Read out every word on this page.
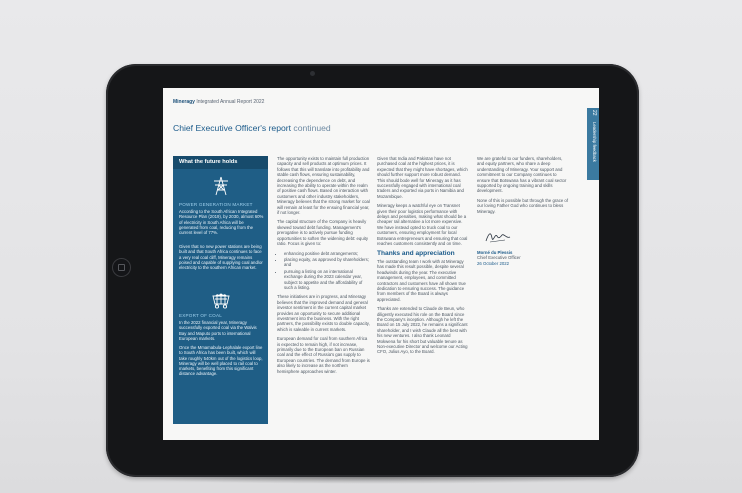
Mineragy Integrated Annual Report 2022
Chief Executive Officer's report continued
22
Leadership feedback
What the future holds
POWER GENERATION MARKET
According to the South African Integrated Resource Plan (2019), by 2030, almost 60% of electricity in South Africa will be generated from coal, reducing from the current level of 77%.
Given that no new power stations are being built and that South Africa continues to face a very real coal cliff, Mineragy remains poised and capable of supplying coal and/or electricity to the southern African market.
EXPORT OF COAL
In the 2022 financial year, Mineragy successfully exported coal via the Walvis Bay and Maputo ports to international European markets.
Once the Mmamabula-Lephalale export line to South Africa has been built, which will take roughly 540km out of the logistics loop, Mineragy will be well placed to rail coal to markets, benefiting from this significant distance advantage.

The opportunity exists to maintain full production capacity and sell products at optimum prices. It follows that this will translate into profitability and stable cash flows, ensuring sustainability, decreasing the dependence on debt, and increasing the ability to operate within the realm of positive cash flows. Based on interaction with customers and other industry stakeholders, Mineragy believes that the strong market for coal will remain at least for the ensuing financial year, if not longer.

The capital structure of the Company is heavily skewed toward debt funding. Management's prerogative is to actively pursue funding opportunities to soften the widening debt: equity ratio. Focus is given to:

• enhancing positive debt arrangements;
• placing equity, as approved by shareholders; and
• pursuing a listing on an international exchange during the 2023 calendar year, subject to appetite and the affordability of such a listing.

These initiatives are in progress, and Mineragy believes that the improved demand and general investor sentiment in the current capital market provides an opportunity to secure additional investment into the business. With the right partners, the possibility exists to double capacity, which is saleable in current markets.

European demand for coal from southern Africa is expected to remain high, if not increase, primarily due to the European ban on Russian coal and the effect of Russia's gas supply to European countries. The demand from Europe is also likely to increase as the northern hemisphere approaches winter.

Given that India and Pakistan have not purchased coal at the highest prices, it is expected that they might have shortages, which should further support more robust demand. This should bode well for Mineragy as it has successfully engaged with international coal traders and exported via ports in Namibia and Mozambique.

Mineragy keeps a watchful eye on Transnet given their poor logistics performance with delays and penalties, making what should be a cheaper rail alternative a lot more expensive. We have instead opted to truck coal to our customers, ensuring employment for local Botswana entrepreneurs and ensuring that coal reaches customers consistently and on time.

Thanks and appreciation

The outstanding team I work with at Mineragy has made this result possible, despite several headwinds during the year. The executive management, employees, and committed contractors and customers have all shown true dedication to ensuring success. The guidance from members of the Board is always appreciated.

Thanks are extended to Claude de Beun, who diligently executed his role on the Board since the Company's inception. Although he left the Board on 15 July 2022, he remains a significant shareholder, and I wish Claude all the best with his new ventures. I also thank Leonard Mokwena for his short but valuable tenure as Non-executive Director and welcome our Acting CFO, Julius Ayo, to the Board.

We are grateful to our funders, shareholders, and equity partners, who share a deep understanding of Mineragy. Your support and commitment to our Company continues to ensure that Botswana has a vibrant coal sector supported by ongoing training and skills development.

None of this is possible but through the grace of our loving Father God who continues to bless Mineragy.

Morné du Plessis
Chief Executive Officer
26 October 2022
